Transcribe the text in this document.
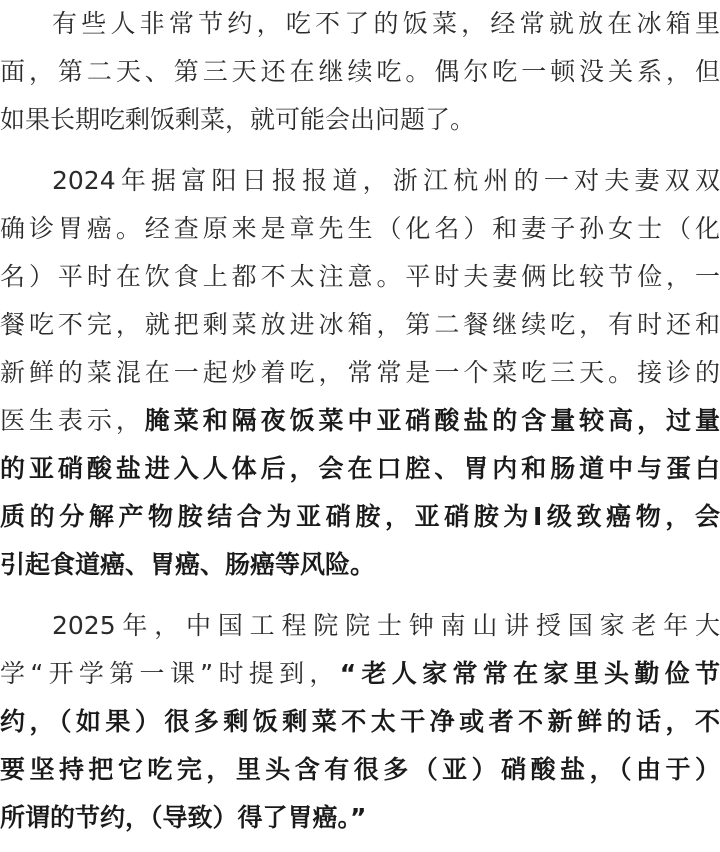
有些人非常节约，吃不了的饭菜，经常就放在冰箱里
面，第二天、第三天还在继续吃。偶尔吃一顿没关系，但
如果长期吃剩饭剩菜，就可能会出问题了。
2024年据富阳日报报道，浙江杭州的一对夫妻双双
确诊胃癌。经查原来是章先生（化名）和妻子孙女士（化
名）平时在饮食上都不太注意。平时夫妻俩比较节俭，一
餐吃不完，就把剩菜放进冰箱，第二餐继续吃，有时还和
新鲜的菜混在一起炒着吃，常常是一个菜吃三天。接诊的
医生表示，腌菜和隔夜饭菜中亚硝酸盐的含量较高，过量
的亚硝酸盐进入人体后，会在口腔、胃内和肠道中与蛋白
质的分解产物胺结合为亚硝胺，亚硝胺为I级致癌物，会
引起食道癌、胃癌、肠癌等风险。
2025年，中国工程院院士钟南山讲授国家老年大
学“开学第一课”时提到，“老人家常常在家里头勤俭节
约，（如果）很多剩饭剩菜不太干净或者不新鲜的话，不
要坚持把它吃完，里头含有很多（亚）硝酸盐，（由于）
所谓的节约，（导致）得了胃癌。”
